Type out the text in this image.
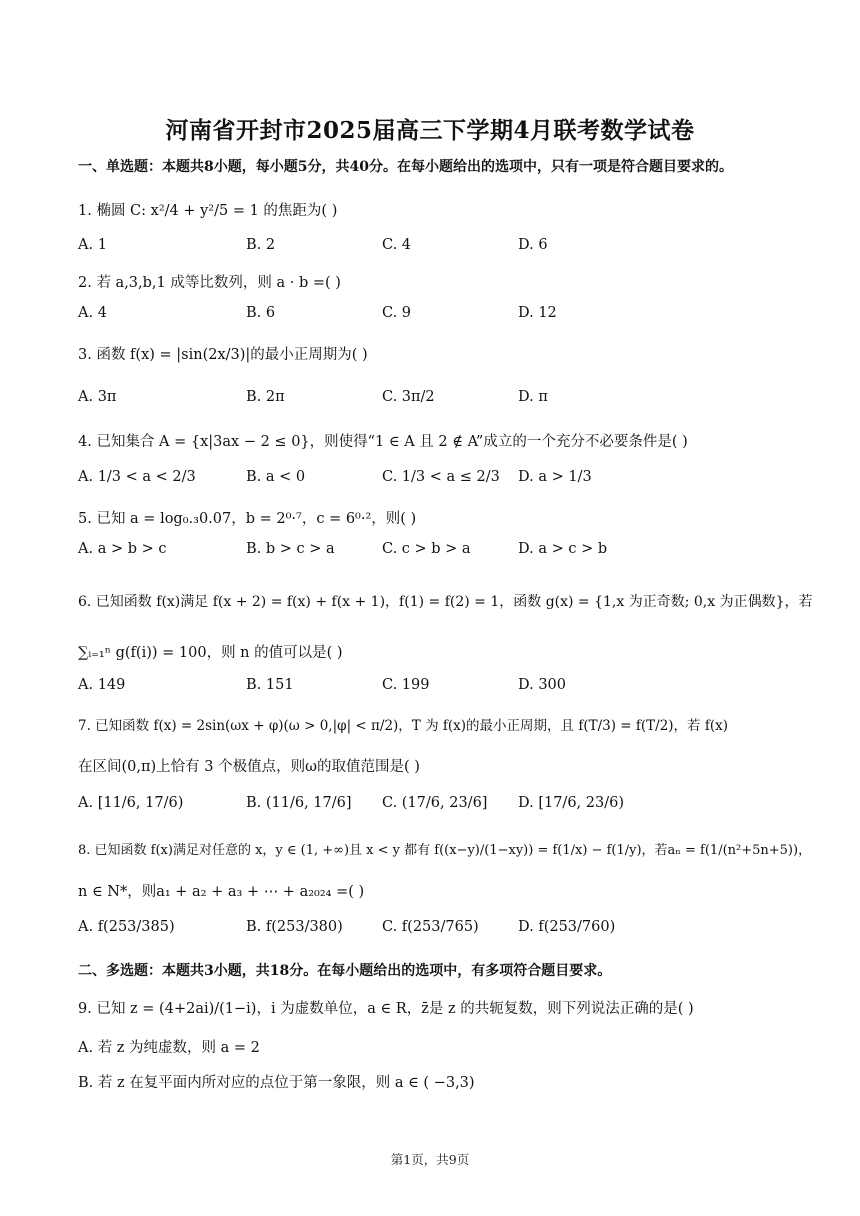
河南省开封市2025届高三下学期4月联考数学试卷
一、单选题：本题共8小题，每小题5分，共40分。在每小题给出的选项中，只有一项是符合题目要求的。
1. 椭圆 C: x²/4 + y²/5 = 1 的焦距为( )
A. 1	B. 2	C. 4	D. 6
2. 若 a,3,b,1 成等比数列，则 a · b =( )
A. 4	B. 6	C. 9	D. 12
3. 函数 f(x) = |sin(2x/3)|的最小正周期为( )
A. 3π	B. 2π	C. 3π/2	D. π
4. 已知集合 A = {x|3ax − 2 ≤ 0}，则使得“1 ∈ A 且 2 ∉ A”成立的一个充分不必要条件是( )
A. 1/3 < a < 2/3	B. a < 0	C. 1/3 < a ≤ 2/3 D. a > 1/3
5. 已知 a = log₀.₃0.07，b = 2⁰·⁷，c = 6⁰·²，则( )
A. a > b > c	B. b > c > a	C. c > b > a	D. a > c > b
6. 已知函数 f(x)满足 f(x + 2) = f(x) + f(x + 1)，f(1) = f(2) = 1，函数 g(x) = {1,x 为正奇数; 0,x 为正偶数}，若
∑ᵢ₌₁ⁿ g(f(i)) = 100，则 n 的值可以是( )
A. 149	B. 151	C. 199	D. 300
7. 已知函数 f(x) = 2sin(ωx + φ)(ω > 0,|φ| < π/2)，T 为 f(x)的最小正周期，且 f(T/3) = f(T/2)，若 f(x)
在区间(0,π)上恰有 3 个极值点，则ω的取值范围是( )
A. [11/6, 17/6)	B. (11/6, 17/6] C. (17/6, 23/6] D. [17/6, 23/6)
8. 已知函数 f(x)满足对任意的 x，y ∈ (1, +∞)且 x < y 都有 f((x−y)/(1−xy)) = f(1/x) − f(1/y)，若aₙ = f(1/(n²+5n+5))，
n ∈ N*，则a₁ + a₂ + a₃ + ⋯ + a₂₀₂₄ =( )
A. f(253/385)	B. f(253/380)	C. f(253/765)	D. f(253/760)
二、多选题：本题共3小题，共18分。在每小题给出的选项中，有多项符合题目要求。
9. 已知 z = (4+2ai)/(1−i)，i 为虚数单位，a ∈ R，z̄是 z 的共轭复数，则下列说法正确的是( )
A. 若 z 为纯虚数，则 a = 2
B. 若 z 在复平面内所对应的点位于第一象限，则 a ∈ ( −3,3)
第1页，共9页
